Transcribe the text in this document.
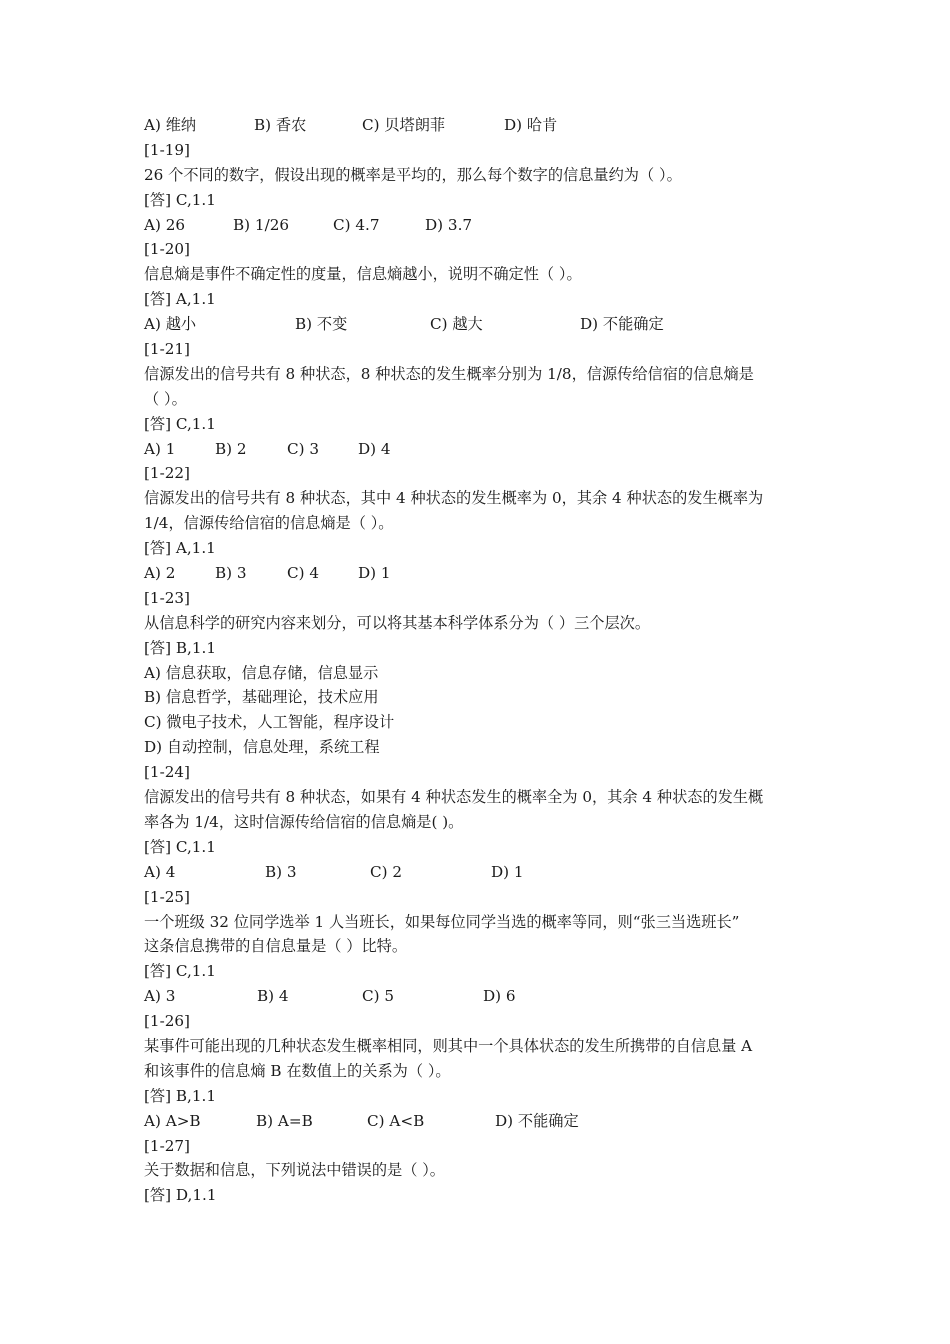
A) 维纳	B) 香农	C) 贝塔朗菲	D) 哈肯
[1-19]
26 个不同的数字，假设出现的概率是平均的，那么每个数字的信息量约为（ ）。
[答] C,1.1
A) 26	B) 1/26	C) 4.7	D) 3.7
[1-20]
信息熵是事件不确定性的度量，信息熵越小，说明不确定性（ ）。
[答] A,1.1
A) 越小	B) 不变	C) 越大	D) 不能确定
[1-21]
信源发出的信号共有 8 种状态，8 种状态的发生概率分别为 1/8，信源传给信宿的信息熵是
（ ）。
[答] C,1.1
A) 1	B) 2	C) 3	D) 4
[1-22]
信源发出的信号共有 8 种状态，其中 4 种状态的发生概率为 0，其余 4 种状态的发生概率为
1/4，信源传给信宿的信息熵是（ ）。
[答] A,1.1
A) 2	B) 3	C) 4	D) 1
[1-23]
从信息科学的研究内容来划分，可以将其基本科学体系分为（ ）三个层次。
[答] B,1.1
A) 信息获取，信息存储，信息显示
B) 信息哲学，基础理论，技术应用
C) 微电子技术，人工智能，程序设计
D) 自动控制，信息处理，系统工程
[1-24]
信源发出的信号共有 8 种状态，如果有 4 种状态发生的概率全为 0，其余 4 种状态的发生概
率各为 1/4，这时信源传给信宿的信息熵是( )。
[答] C,1.1
A) 4	B) 3	C) 2	D) 1
[1-25]
一个班级 32 位同学选举 1 人当班长，如果每位同学当选的概率等同，则“张三当选班长”
这条信息携带的自信息量是（ ）比特。
[答] C,1.1
A) 3	B) 4	C) 5	D) 6
[1-26]
某事件可能出现的几种状态发生概率相同，则其中一个具体状态的发生所携带的自信息量 A
和该事件的信息熵 B 在数值上的关系为（ ）。
[答] B,1.1
A) A>B	B) A=B	C) A<B	D) 不能确定
[1-27]
关于数据和信息，下列说法中错误的是（ ）。
[答] D,1.1
